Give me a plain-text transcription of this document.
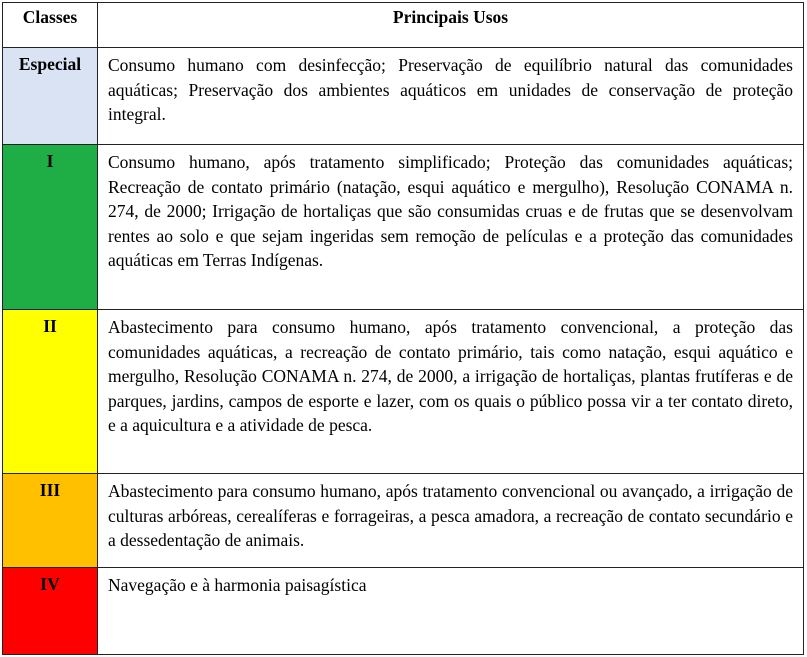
Classes	Principais Usos
Especial	Consumo humano com desinfecção; Preservação de equilíbrio natural das comunidades aquáticas; Preservação dos ambientes aquáticos em unidades de conservação de proteção integral.
I	Consumo humano, após tratamento simplificado; Proteção das comunidades aquáticas; Recreação de contato primário (natação, esqui aquático e mergulho), Resolução CONAMA n. 274, de 2000; Irrigação de hortaliças que são consumidas cruas e de frutas que se desenvolvam rentes ao solo e que sejam ingeridas sem remoção de películas e a proteção das comunidades aquáticas em Terras Indígenas.
II	Abastecimento para consumo humano, após tratamento convencional, a proteção das comunidades aquáticas, a recreação de contato primário, tais como natação, esqui aquático e mergulho, Resolução CONAMA n. 274, de 2000, a irrigação de hortaliças, plantas frutíferas e de parques, jardins, campos de esporte e lazer, com os quais o público possa vir a ter contato direto, e a aquicultura e a atividade de pesca.
III	Abastecimento para consumo humano, após tratamento convencional ou avançado, a irrigação de culturas arbóreas, cerealíferas e forrageiras, a pesca amadora, a recreação de contato secundário e a dessedentação de animais.
IV	Navegação e à harmonia paisagística
